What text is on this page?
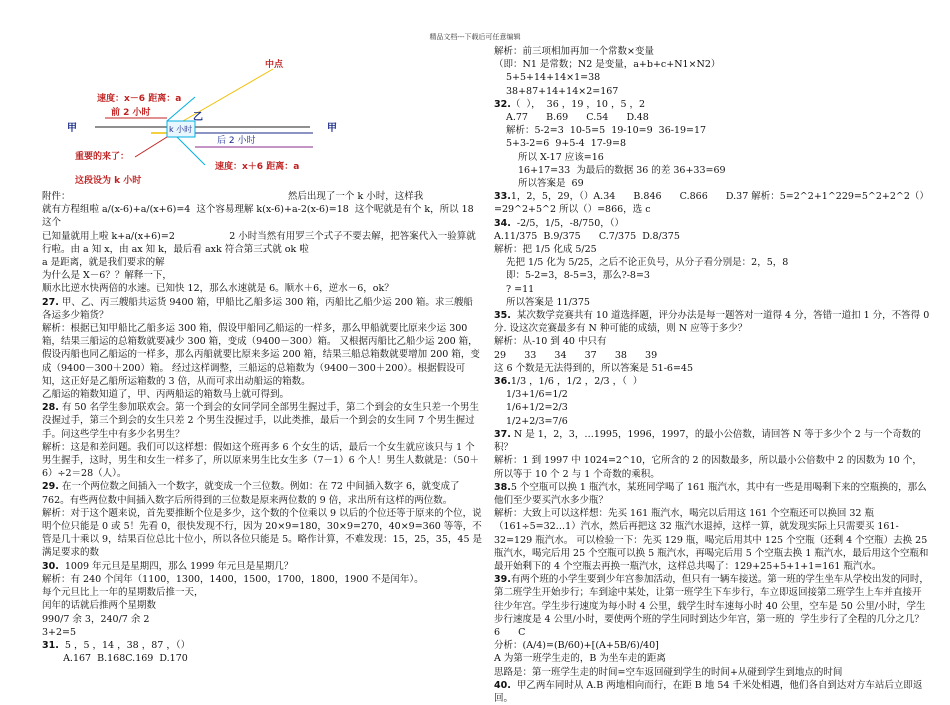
精品文档---下载后可任意编辑
中点
速度：x－6 距离：a
甲
乙
前 2 小时
k 小时	甲
后 2 小时
重要的来了：
这段设为 k 小时
速度：x＋6 距离：a
附件：                                                                        然后出现了一个 k 小时，这样我
就有方程组啦 a/(x-6)+a/(x+6)=4  这个容易理解 k(x-6)+a-2(x-6)=18  这个呢就是有个 k，所以 18 这个
已知量就用上啦 k+a/(x+6)=2                  2 小时当然有用罗三个式子不要去解，把答案代入一验算就
行啦。由 a 知 x，由 ax 知 k，最后看 axk 符合第三式就 ok 啦
a 是距离，就是我们要求的解
为什么是 X－6？？解释一下，
顺水比逆水快两倍的水速。已知快 12，那么水速就是 6。顺水＋6，逆水－6，ok？
27. 甲、乙、丙三艘船共运货 9400 箱，甲船比乙船多运 300 箱，丙船比乙船少运 200 箱。求三艘船各运多少箱货？
解析：根据已知甲船比乙船多运 300 箱，假设甲船同乙船运的一样多，那么甲船就要比原来少运 300 箱，结果三船运的总箱数就要减少 300 箱，变成（9400－300）箱。 又根据丙船比乙船少运 200 箱，假设丙船也同乙船运的一样多，那么丙船就要比原来多运 200 箱，结果三船总箱数就要增加 200 箱，变成（9400－300＋200）箱。 经过这样调整，三船运的总箱数为（9400－300＋200）。根据假设可知，这正好是乙船所运箱数的 3 倍，从而可求出动船运的箱数。
乙船运的箱数知道了，甲、丙两船运的箱数马上就可得到。
28. 有 50 名学生参加联欢会。第一个到会的女同学同全部男生握过手，第二个到会的女生只差一个男生没握过手，第三个到会的女生只差 2 个男生没握过手，以此类推，最后一个到会的女生同 7 个男生握过手。问这些学生中有多少名男生？
解析：这是和差问题。我们可以这样想：假如这个班再多 6 个女生的话，最后一个女生就应该只与 1 个男生握手，这时，男生和女生一样多了，所以原来男生比女生多（7－1）6 个人！男生人数就是：（50＋6）÷2＝28（人）。
29. 在一个两位数之间插入一个数字，就变成一个三位数。例如：在 72 中间插入数字 6，就变成了 762。有些两位数中间插入数字后所得到的三位数是原来两位数的 9 倍，求出所有这样的两位数。
解析：对于这个题来说，首先要推断个位是多少，这个数的个位乘以 9 以后的个位还等于原来的个位，说明个位只能是 0 或 5！先看 0，很快发现不行，因为 20×9=180，30×9=270，40×9=360 等等，不管是几十乘以 9，结果百位总比十位小，所以各位只能是 5。略作计算，不难发现：15，25，35，45 是满足要求的数
30.  1009 年元旦是星期四，那么 1999 年元旦是星期几？
解析：有 240 个闰年（1100，1300，1400，1500，1700，1800，1900 不是闰年）。
每个元旦比上一年的星期数后推一天，
闰年的话就后推两个星期数
990/7 余 3，240/7 余 2
3+2=5
31.  5 ，5 ，14 ，38 ，87 ，（）
A.167  B.168C.169  D.170
解析：前三项相加再加一个常数×变量
（即：N1 是常数；N2 是变量，a+b+c+N1×N2）
5+5+14+14×1=38
38+87+14+14×2=167
32.（  ），  36 ，19 ，10 ，5 ，2
A.77      B.69      C.54      D.48
解析：5-2=3  10-5=5  19-10=9  36-19=17
5+3-2=6  9+5-4  17-9=8
所以 X-17 应该=16
16+17=33  为最后的数据 36 的差 36+33=69
所以答案是  69
33.1，2，5，29，（）A.34      B.846      C.866      D.37 解析：5=2^2+1^229=5^2+2^2（）=29^2+5^2 所以（）=866，选 c
34.  -2/5，1/5，-8/750，（）
A.11/375  B.9/375      C.7/375  D.8/375
解析：把 1/5 化成 5/25
先把 1/5 化为 5/25，之后不论正负号，从分子看分别是：2，5，8
即：5-2=3，8-5=3，那么?-8=3
? =11
所以答案是 11/375
35.  某次数学竞赛共有 10 道选择题，评分办法是每一题答对一道得 4 分，答错一道扣 1 分，不答得 0 分. 设这次竞赛最多有 N 种可能的成绩，则 N 应等于多少？
解析：从-10 到 40 中只有
29      33      34      37      38      39
这 6 个数是无法得到的，所以答案是 51-6=45
36.1/3 ，1/6 ，1/2 ，2/3 ，（  ）
1/3+1/6=1/2
1/6+1/2=2/3
1/2+2/3=7/6
37. N 是 1，2，3，…1995，1996，1997，的最小公倍数，请回答 N 等于多少个 2 与一个奇数的积？
解析：1 到 1997 中 1024=2^10，它所含的 2 的因数最多，所以最小公倍数中 2 的因数为 10 个，所以等于 10 个 2 与 1 个奇数的乘积。
38.5 个空瓶可以换 1 瓶汽水，某班同学喝了 161 瓶汽水，其中有一些是用喝剩下来的空瓶换的，那么他们至少要买汽水多少瓶？
解析：大致上可以这样想：先买 161 瓶汽水，喝完以后用这 161 个空瓶还可以换回 32 瓶（161÷5=32…1）汽水，然后再把这 32 瓶汽水退掉，这样一算，就发现实际上只需要买 161-32=129 瓶汽水。 可以检验一下：先买 129 瓶，喝完后用其中 125 个空瓶（还剩 4 个空瓶）去换 25 瓶汽水，喝完后用 25 个空瓶可以换 5 瓶汽水，再喝完后用 5 个空瓶去换 1 瓶汽水，最后用这个空瓶和最开始剩下的 4 个空瓶去再换一瓶汽水，这样总共喝了：129+25+5+1+1=161 瓶汽水。
39.有两个班的小学生要到少年宫参加活动，但只有一辆车接送。第一班的学生坐车从学校出发的同时，第二班学生开始步行；车到途中某处，让第一班学生下车步行，车立即返回接第二班学生上车并直接开往少年宫。学生步行速度为每小时 4 公里，载学生时车速每小时 40 公里，空车是 50 公里/小时，学生步行速度是 4 公里/小时，要使两个班的学生同时到达少年宫，第一班的  学生步行了全程的几分之几？  6      C
分析：(A/4)=(B/60)+[(A+5B/6)/40]
A 为第一班学生走的，B 为坐车走的距离
思路是：第一班学生走的时间=空车返回碰到学生的时间+从碰到学生到地点的时间
40.  甲乙两车同时从 A.B 两地相向而行，在距 B 地 54 千米处相遇，他们各自到达对方车站后立即返回。
